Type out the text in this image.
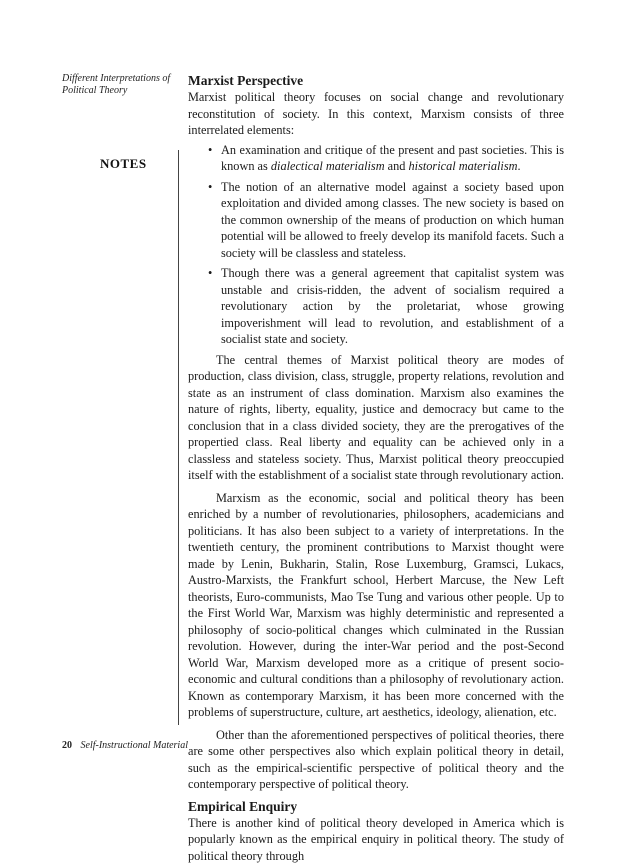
Different Interpretations of Political Theory
NOTES

Marxist Perspective

Marxist political theory focuses on social change and revolutionary reconstitution of society. In this context, Marxism consists of three interrelated elements:

• An examination and critique of the present and past societies. This is known as dialectical materialism and historical materialism.
• The notion of an alternative model against a society based upon exploitation and divided among classes. The new society is based on the common ownership of the means of production on which human potential will be allowed to freely develop its manifold facets. Such a society will be classless and stateless.
• Though there was a general agreement that capitalist system was unstable and crisis-ridden, the advent of socialism required a revolutionary action by the proletariat, whose growing impoverishment will lead to revolution, and establishment of a socialist state and society.

The central themes of Marxist political theory are modes of production, class division, class, struggle, property relations, revolution and state as an instrument of class domination. Marxism also examines the nature of rights, liberty, equality, justice and democracy but came to the conclusion that in a class divided society, they are the prerogatives of the propertied class. Real liberty and equality can be achieved only in a classless and stateless society. Thus, Marxist political theory preoccupied itself with the establishment of a socialist state through revolutionary action.

Marxism as the economic, social and political theory has been enriched by a number of revolutionaries, philosophers, academicians and politicians. It has also been subject to a variety of interpretations. In the twentieth century, the prominent contributions to Marxist thought were made by Lenin, Bukharin, Stalin, Rose Luxemburg, Gramsci, Lukacs, Austro-Marxists, the Frankfurt school, Herbert Marcuse, the New Left theorists, Euro-communists, Mao Tse Tung and various other people. Up to the First World War, Marxism was highly deterministic and represented a philosophy of socio-political changes which culminated in the Russian revolution. However, during the inter-War period and the post-Second World War, Marxism developed more as a critique of present socio-economic and cultural conditions than a philosophy of revolutionary action. Known as contemporary Marxism, it has been more concerned with the problems of superstructure, culture, art aesthetics, ideology, alienation, etc.

Other than the aforementioned perspectives of political theories, there are some other perspectives also which explain political theory in detail, such as the empirical-scientific perspective of political theory and the contemporary perspective of political theory.

Empirical Enquiry

There is another kind of political theory developed in America which is popularly known as the empirical enquiry in political theory. The study of political theory through

20 Self-Instructional Material
